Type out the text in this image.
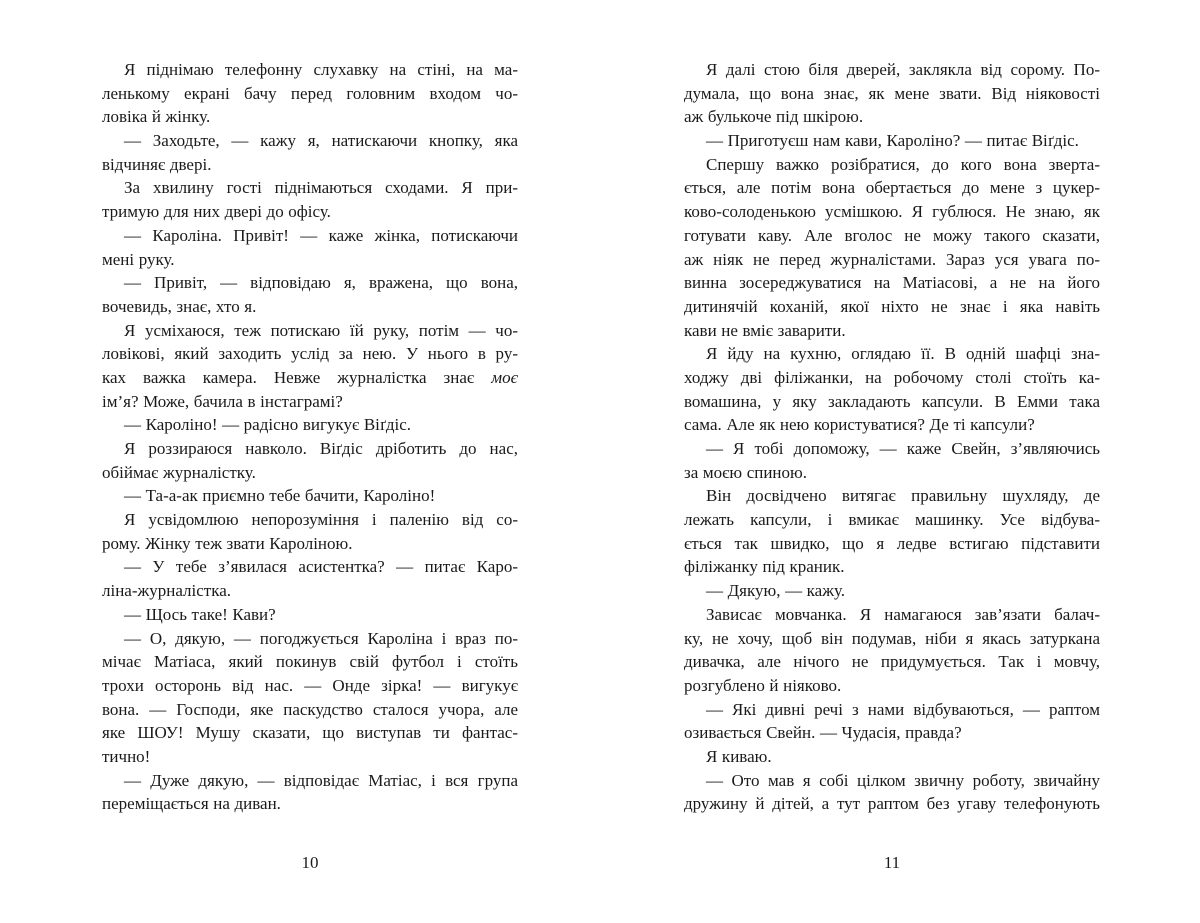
Я піднімаю телефонну слухавку на стіні, на ма-
ленькому екрані бачу перед головним входом чо-
ловіка й жінку.
— Заходьте, — кажу я, натискаючи кнопку, яка
відчиняє двері.
За хвилину гості піднімаються сходами. Я при-
тримую для них двері до офісу.
— Кароліна. Привіт! — каже жінка, потискаючи
мені руку.
— Привіт, — відповідаю я, вражена, що вона,
вочевидь, знає, хто я.
Я усміхаюся, теж потискаю їй руку, потім — чо-
ловікові, який заходить услід за нею. У нього в ру-
ках важка камера. Невже журналістка знає моє
ім’я? Може, бачила в інстаграмі?
— Кароліно! — радісно вигукує Віґдіс.
Я роззираюся навколо. Віґдіс дріботить до нас,
обіймає журналістку.
— Та-а-ак приємно тебе бачити, Кароліно!
Я усвідомлюю непорозуміння і паленію від со-
рому. Жінку теж звати Кароліною.
— У тебе з’явилася асистентка? — питає Каро-
ліна-журналістка.
— Щось таке! Кави?
— О, дякую, — погоджується Кароліна і враз по-
мічає Матіаса, який покинув свій футбол і стоїть
трохи осторонь від нас. — Онде зірка! — вигукує
вона. — Господи, яке паскудство сталося учора, але
яке ШОУ! Мушу сказати, що виступав ти фантас-
тично!
— Дуже дякую, — відповідає Матіас, і вся група
переміщається на диван.
Я далі стою біля дверей, заклякла від сорому. По-
думала, що вона знає, як мене звати. Від ніяковості
аж булькоче під шкірою.
— Приготуєш нам кави, Кароліно? — питає Віґдіс.
Спершу важко розібратися, до кого вона зверта-
ється, але потім вона обертається до мене з цукер-
ково-солоденькою усмішкою. Я гублюся. Не знаю, як
готувати каву. Але вголос не можу такого сказати,
аж ніяк не перед журналістами. Зараз уся увага по-
винна зосереджуватися на Матіасові, а не на його
дитинячій коханій, якої ніхто не знає і яка навіть
кави не вміє заварити.
Я йду на кухню, оглядаю її. В одній шафці зна-
ходжу дві філіжанки, на робочому столі стоїть ка-
вомашина, у яку закладають капсули. В Емми така
сама. Але як нею користуватися? Де ті капсули?
— Я тобі допоможу, — каже Свейн, з’являючись
за моєю спиною.
Він досвідчено витягає правильну шухляду, де
лежать капсули, і вмикає машинку. Усе відбува-
ється так швидко, що я ледве встигаю підставити
філіжанку під краник.
— Дякую, — кажу.
Зависає мовчанка. Я намагаюся зав’язати балач-
ку, не хочу, щоб він подумав, ніби я якась затуркана
дивачка, але нічого не придумується. Так і мовчу,
розгублено й ніяково.
— Які дивні речі з нами відбуваються, — раптом
озивається Свейн. — Чудасія, правда?
Я киваю.
— Ото мав я собі цілком звичну роботу, звичайну
дружину й дітей, а тут раптом без угаву телефонують
10	11
